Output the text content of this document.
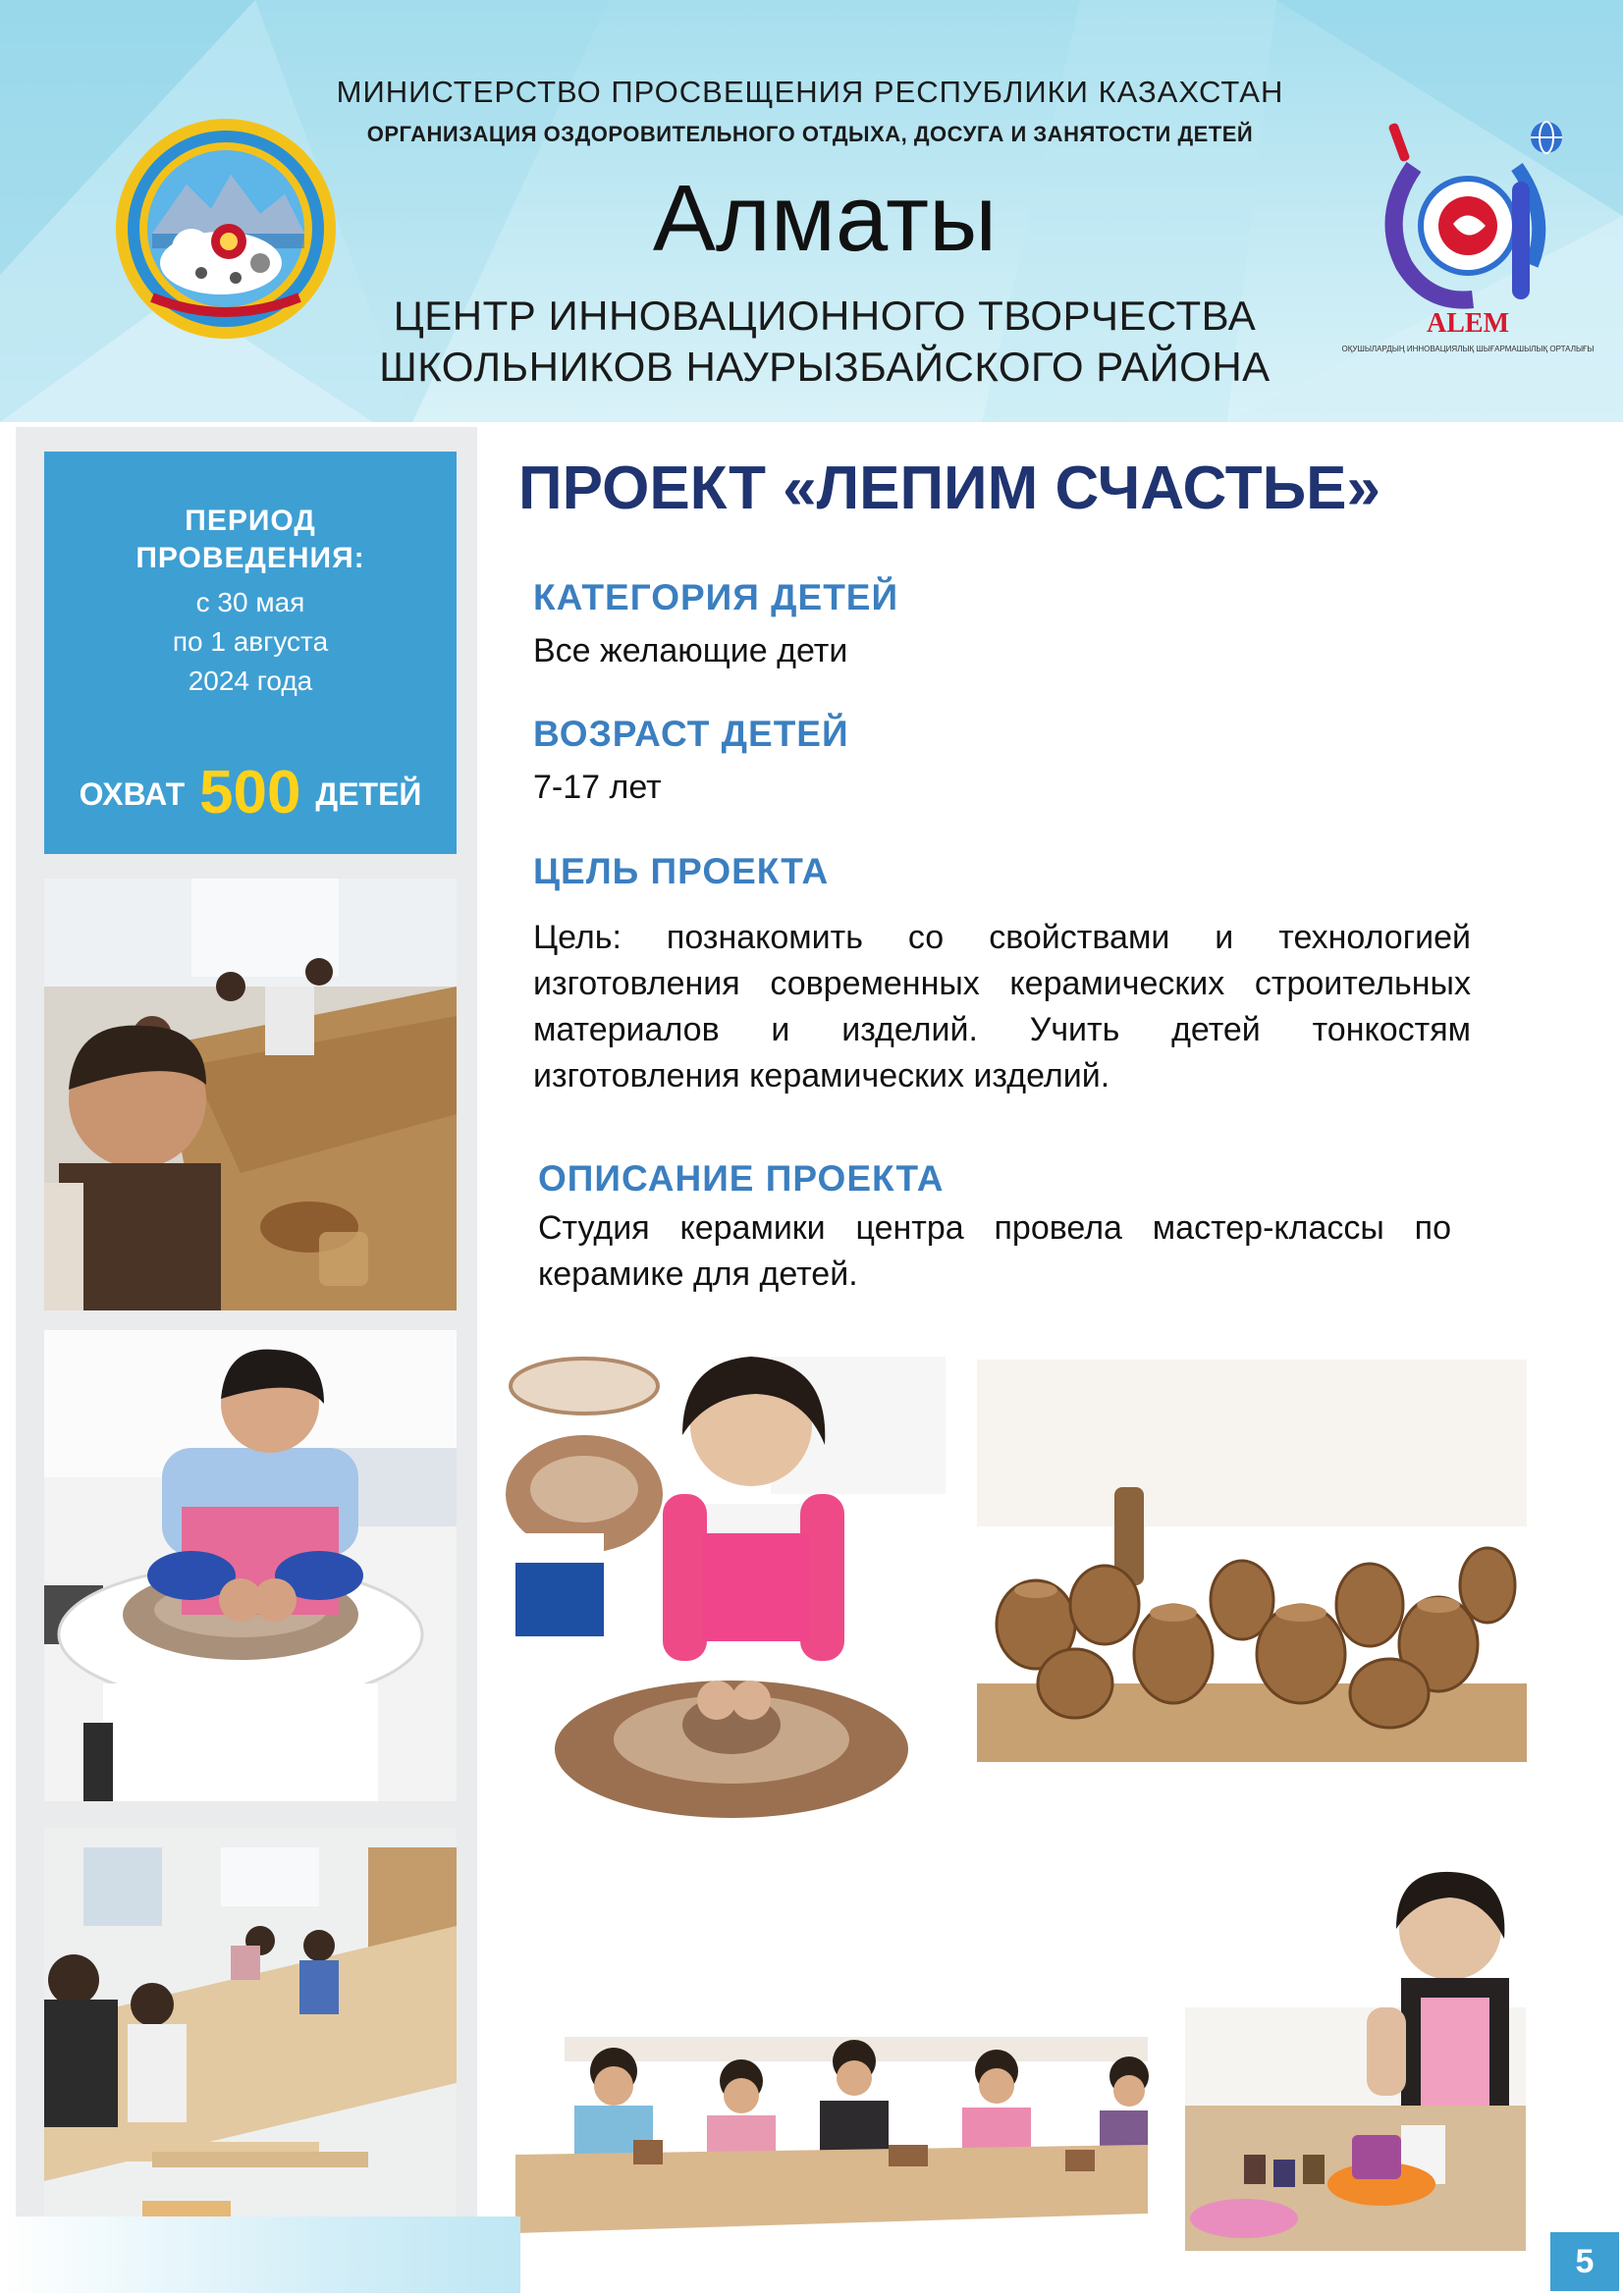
МИНИСТЕРСТВО ПРОСВЕЩЕНИЯ РЕСПУБЛИКИ КАЗАХСТАН
ОРГАНИЗАЦИЯ ОЗДОРОВИТЕЛЬНОГО ОТДЫХА, ДОСУГА И ЗАНЯТОСТИ ДЕТЕЙ
Алматы
ЦЕНТР ИННОВАЦИОННОГО ТВОРЧЕСТВА
ШКОЛЬНИКОВ НАУРЫЗБАЙСКОГО РАЙОНА
ALEM
ОҚУШЫЛАРДЫҢ ИННОВАЦИЯЛЫҚ ШЫҒАРМАШЫЛЫҚ ОРТАЛЫҒЫ
ПЕРИОД
ПРОВЕДЕНИЯ:
с 30 мая
по 1 августа
2024 года
ОХВАТ 500 ДЕТЕЙ
ПРОЕКТ «ЛЕПИМ СЧАСТЬЕ»
КАТЕГОРИЯ ДЕТЕЙ
Все желающие дети
ВОЗРАСТ ДЕТЕЙ
7-17 лет
ЦЕЛЬ ПРОЕКТА
Цель: познакомить со свойствами и технологией изготовления современных керамических строительных материалов и изделий. Учить детей тонкостям изготовления керамических изделий.
ОПИСАНИЕ ПРОЕКТА
Студия керамики центра провела мастер-классы по керамике для детей.
5
